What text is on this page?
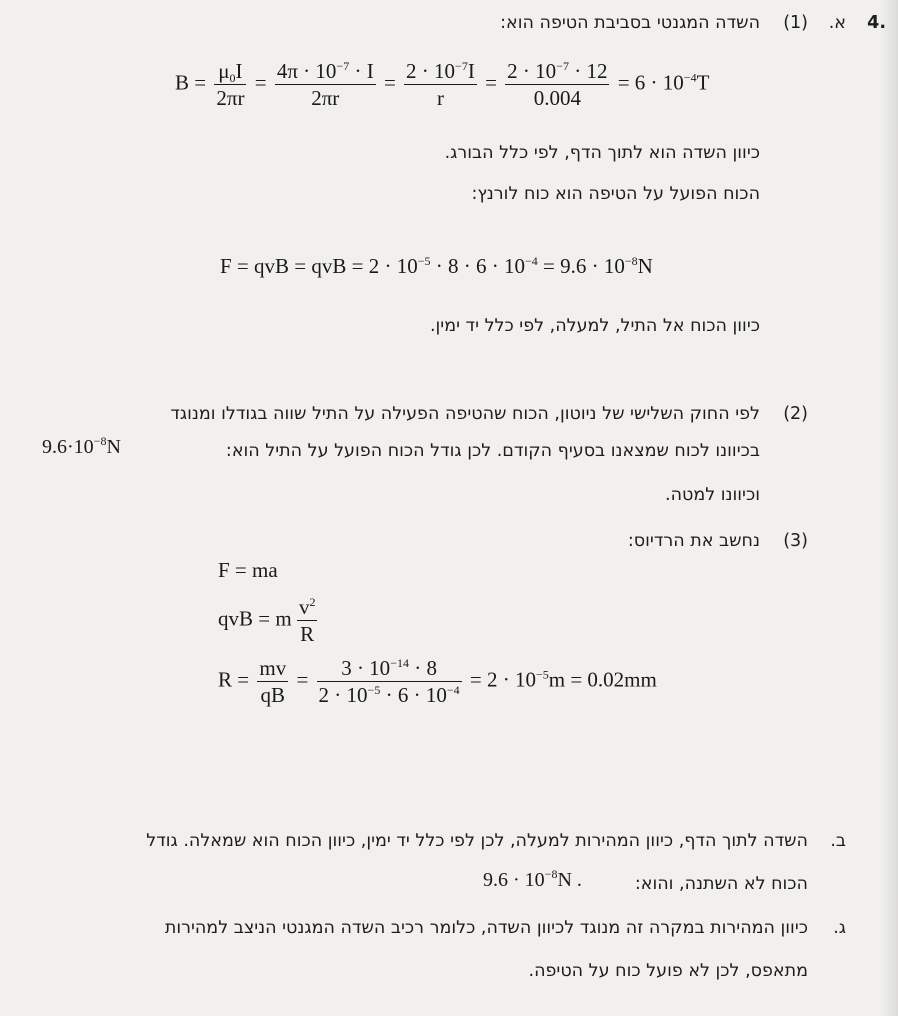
.4
א.
(1)
השדה המגנטי בסביבת הטיפה הוא:
$B = \frac{\mu_0I}{2\pi r} = \frac{4\pi \cdot 10^{-7} \cdot I}{2\pi r} = \frac{2 \cdot 10^{-7}I}{r} = \frac{2 \cdot 10^{-7} \cdot 12}{0.004} = 6 \cdot 10^{-4}T$
כיוון השדה הוא לתוך הדף, לפי כלל הבורג.
הכוח הפועל על הטיפה הוא כוח לורנץ:
F = qvB = qvB = $2 \cdot 10^{-5} \cdot 8 \cdot 6 \cdot 10^{-4} = 9.6 \cdot 10^{-8}N$
כיוון הכוח אל התיל, למעלה, לפי כלל יד ימין.
(2)
לפי החוק השלישי של ניוטון, הכוח שהטיפה הפעילה על התיל שווה בגודלו ומנוגד
בכיוונו לכוח שמצאנו בסעיף הקודם. לכן גודל הכוח הפועל על התיל הוא:
$9.6\cdot 10^{-8}N$
וכיוונו למטה.
(3)
נחשב את הרדיוס:
F = ma
qvB = m $\frac{v^2}{R}$
$R = \frac{mv}{qB} = \frac{3 \cdot 10^{-14} \cdot 8}{2 \cdot 10^{-5} \cdot 6 \cdot 10^{-4}} = 2 \cdot 10^{-5}m = 0.02mm$
ב.
השדה לתוך הדף, כיוון המהירות למעלה, לכן לפי כלל יד ימין, כיוון הכוח הוא שמאלה. גודל
הכוח לא השתנה, והוא:
$9.6 \cdot 10^{-8}N$ .
ג.
כיוון המהירות במקרה זה מנוגד לכיוון השדה, כלומר רכיב השדה המגנטי הניצב למהירות
מתאפס, לכן לא פועל כוח על הטיפה.
